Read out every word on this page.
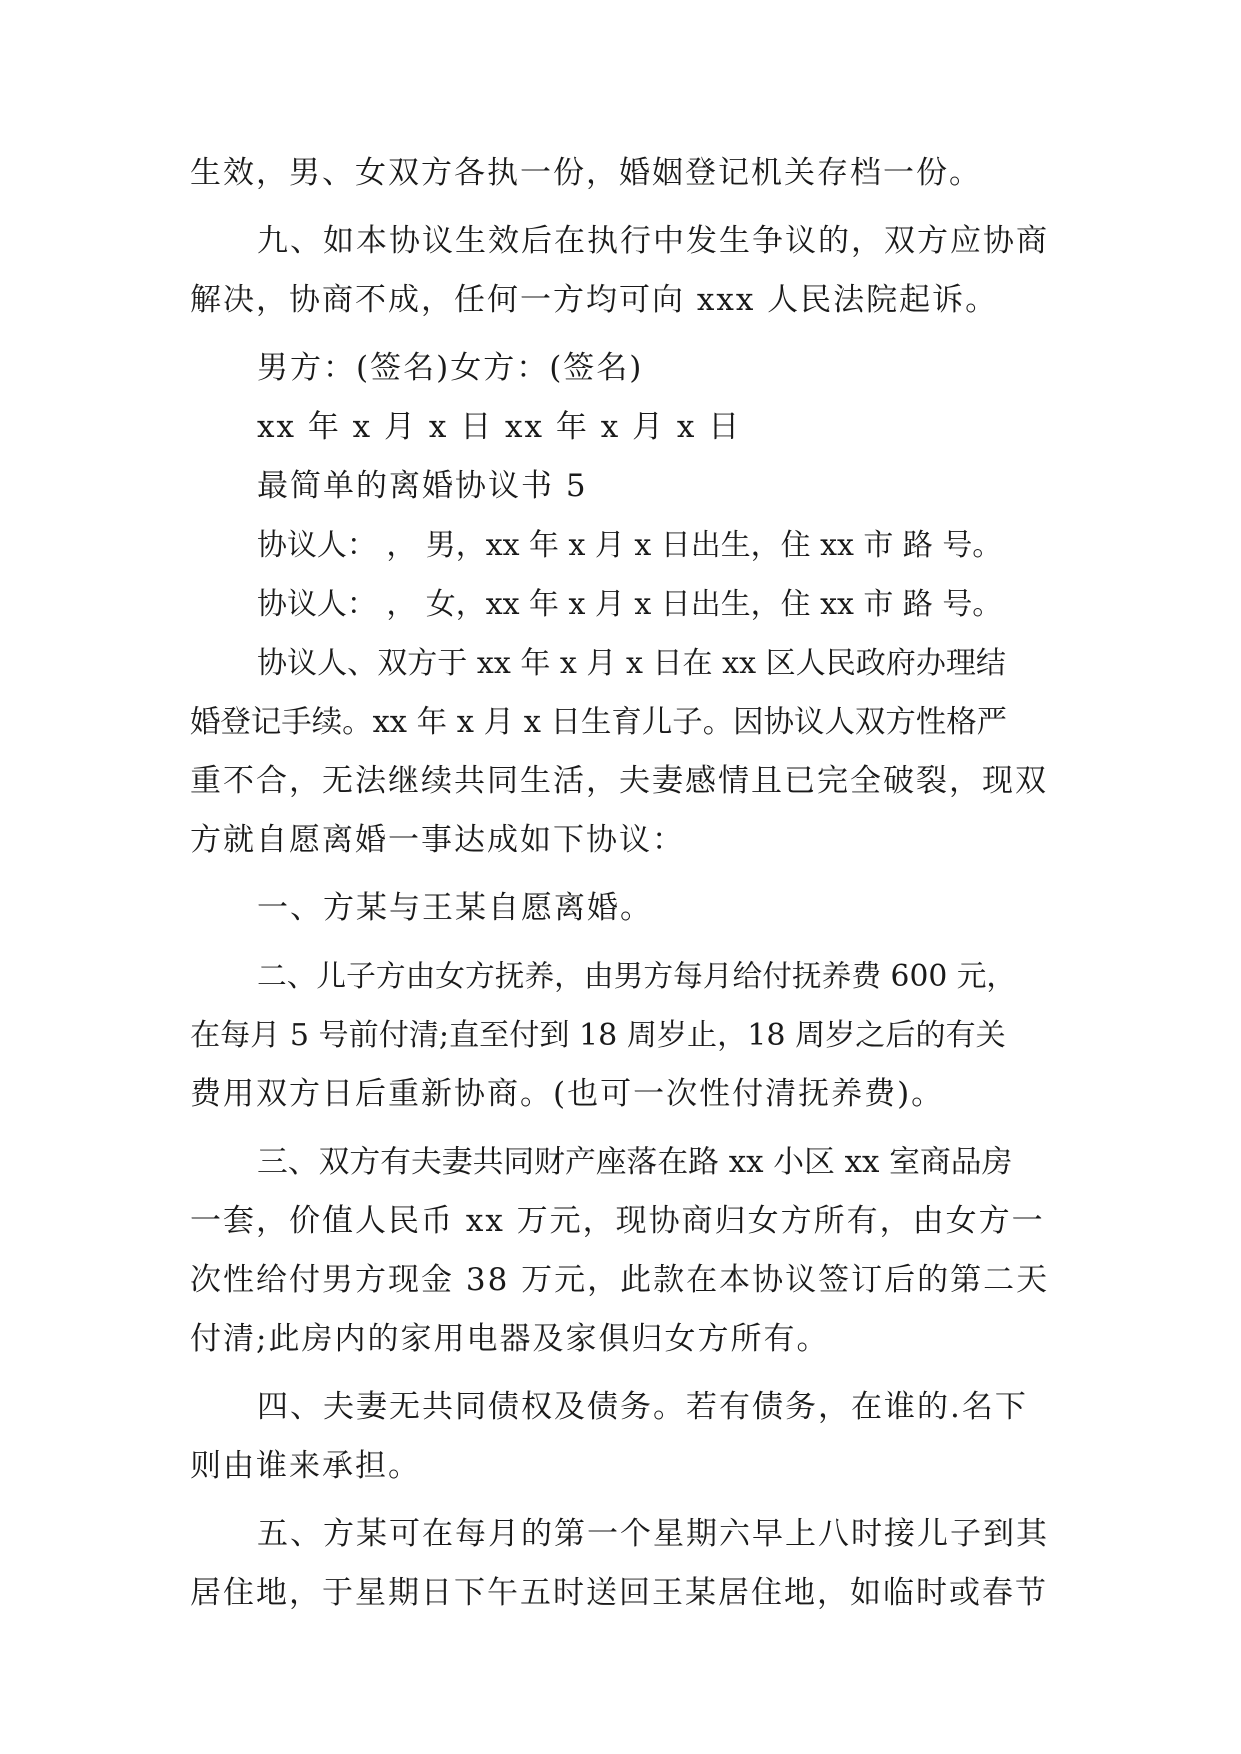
生效，男、女双方各执一份，婚姻登记机关存档一份。
九、如本协议生效后在执行中发生争议的，双方应协商
解决，协商不成，任何一方均可向 xxx 人民法院起诉。
男方：(签名)女方：(签名)
xx 年 x 月 x 日 xx 年 x 月 x 日
最简单的离婚协议书 5
协议人： ， 男，xx 年 x 月 x 日出生，住 xx 市 路 号。
协议人： ， 女，xx 年 x 月 x 日出生，住 xx 市 路 号。
协议人、双方于 xx 年 x 月 x 日在 xx 区人民政府办理结
婚登记手续。xx 年 x 月 x 日生育儿子。因协议人双方性格严
重不合，无法继续共同生活，夫妻感情且已完全破裂，现双
方就自愿离婚一事达成如下协议：
一、方某与王某自愿离婚。
二、儿子方由女方抚养，由男方每月给付抚养费 600 元，
在每月 5 号前付清;直至付到 18 周岁止，18 周岁之后的有关
费用双方日后重新协商。(也可一次性付清抚养费)。
三、双方有夫妻共同财产座落在路 xx 小区 xx 室商品房
一套，价值人民币 xx 万元，现协商归女方所有，由女方一
次性给付男方现金 38 万元，此款在本协议签订后的第二天
付清;此房内的家用电器及家俱归女方所有。
四、夫妻无共同债权及债务。若有债务，在谁的.名下
则由谁来承担。
五、方某可在每月的第一个星期六早上八时接儿子到其
居住地，于星期日下午五时送回王某居住地，如临时或春节
